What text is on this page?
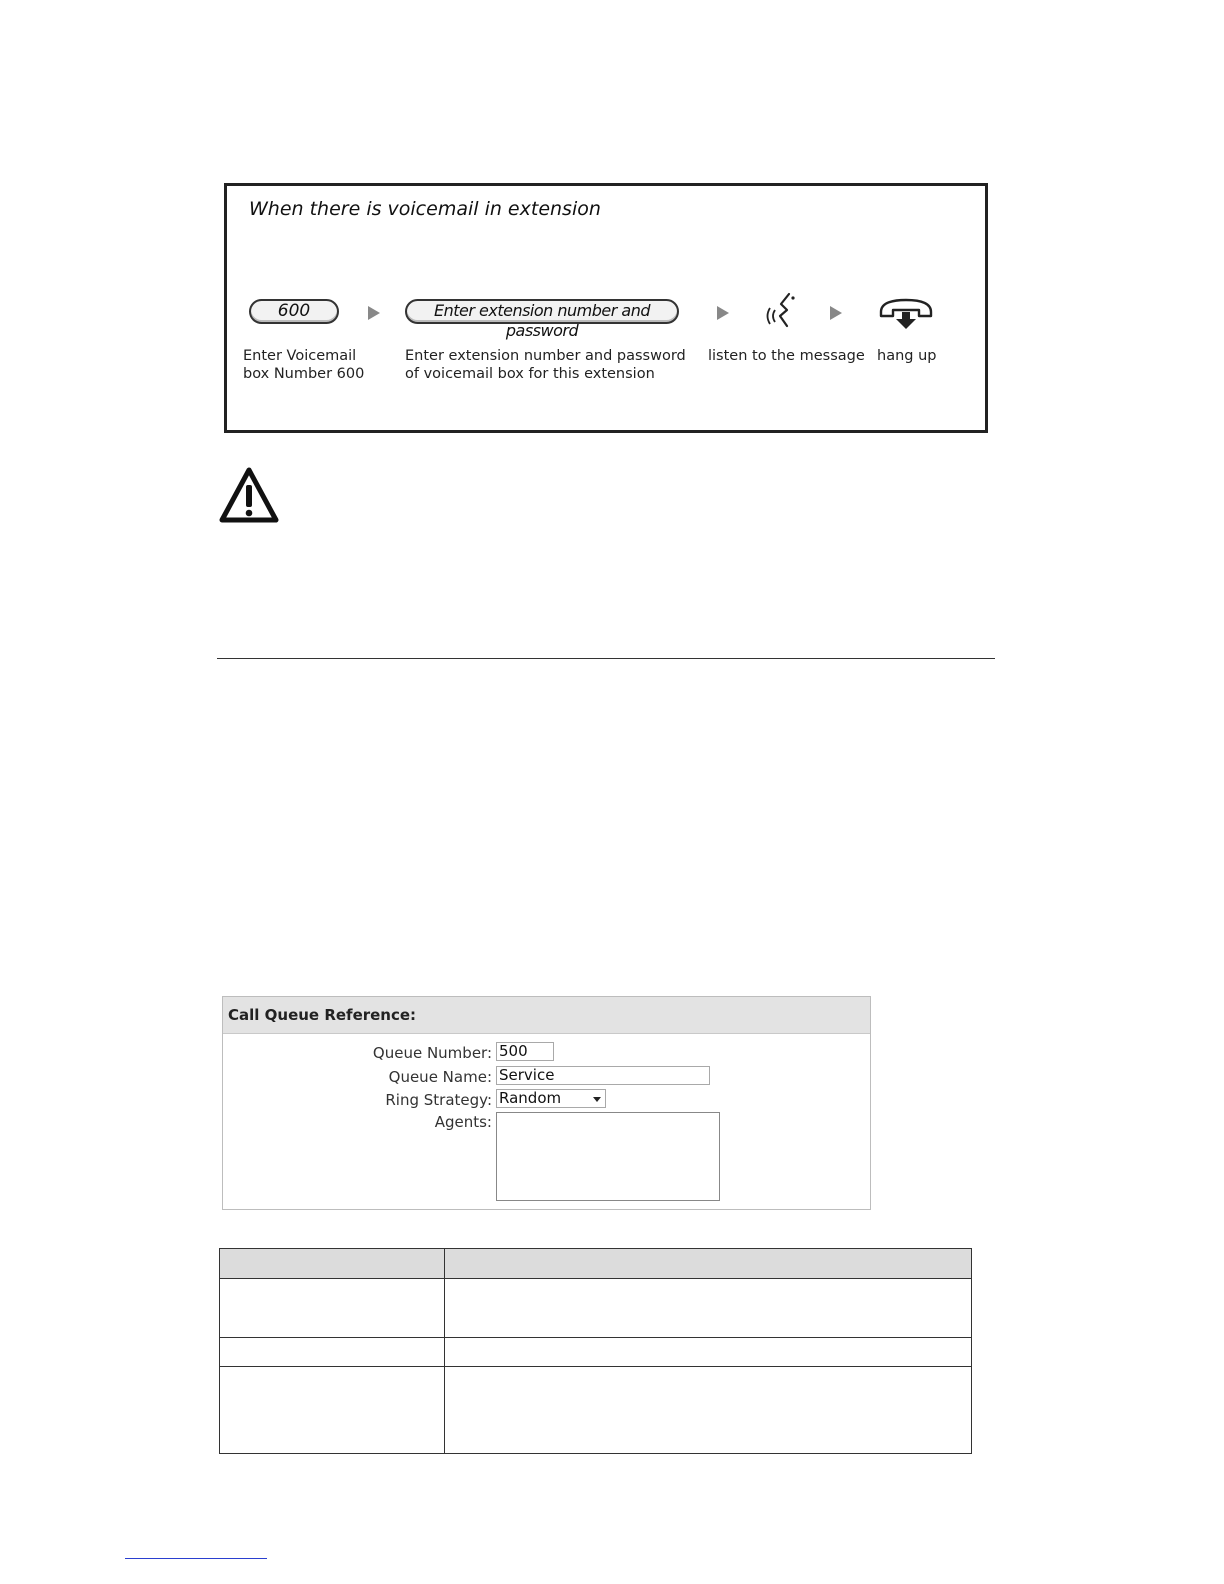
When there is voicemail in extension
600	Enter extension number and password
Enter Voicemail
box Number 600
Enter extension number and password
of voicemail box for this extension
listen to the message hang up
Call Queue Reference:
Queue Number: 500
Queue Name: Service
Ring Strategy: Random
Agents:
